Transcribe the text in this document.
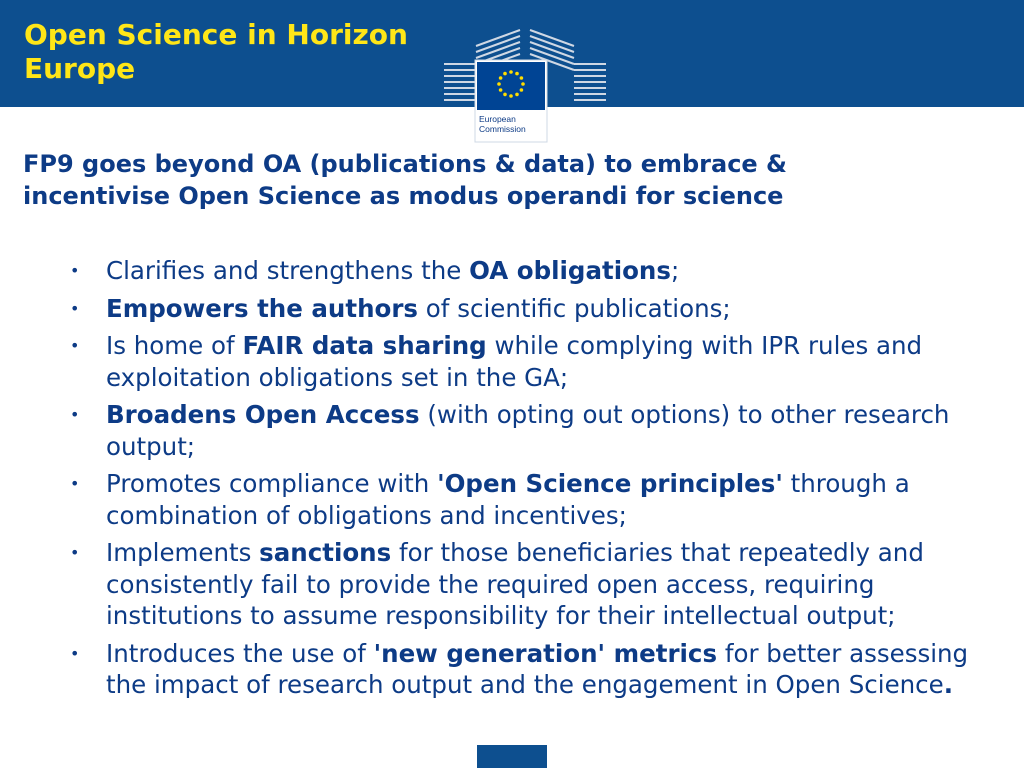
Open Science in Horizon
Europe
European
Commission
FP9 goes beyond OA (publications & data) to embrace &
incentivise Open Science as modus operandi for science
• Clarifies and strengthens the OA obligations;
• Empowers the authors of scientific publications;
• Is home of FAIR data sharing while complying with IPR rules and exploitation obligations set in the GA;
• Broadens Open Access (with opting out options) to other research output;
• Promotes compliance with 'Open Science principles' through a combination of obligations and incentives;
• Implements sanctions for those beneficiaries that repeatedly and consistently fail to provide the required open access, requiring institutions to assume responsibility for their intellectual output;
• Introduces the use of 'new generation' metrics for better assessing the impact of research output and the engagement in Open Science.
